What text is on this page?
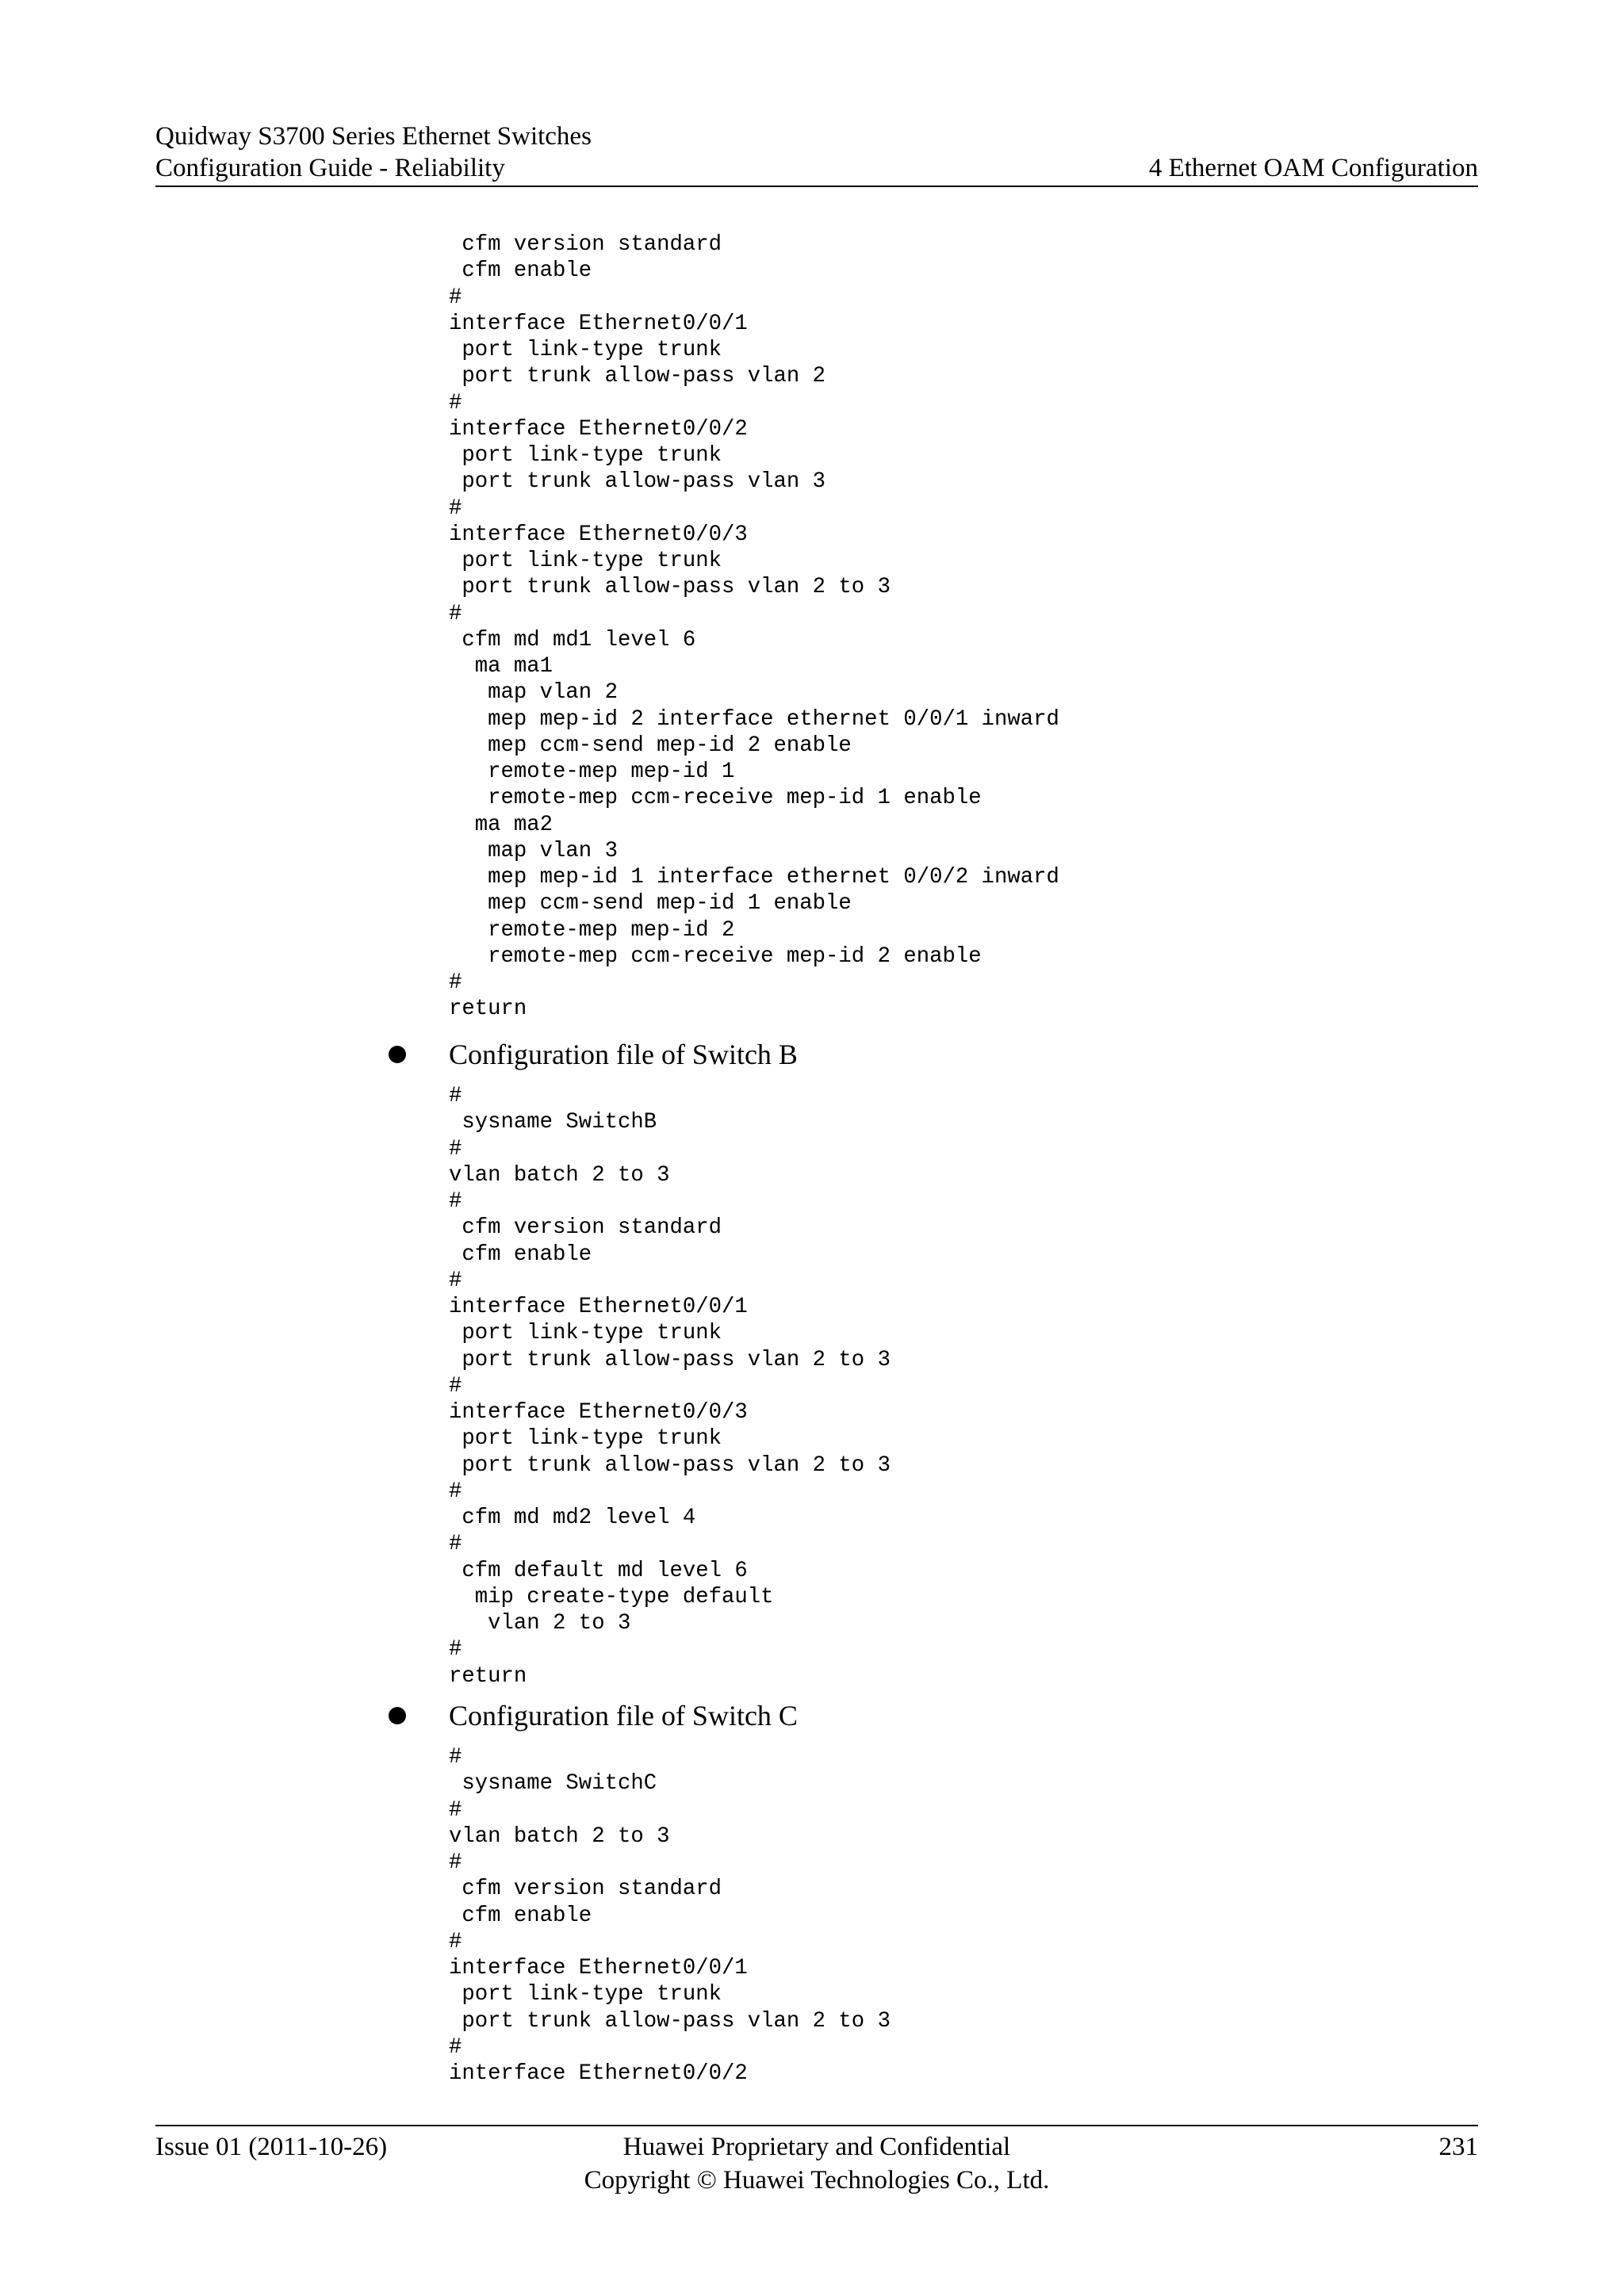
Quidway S3700 Series Ethernet Switches
Configuration Guide - Reliability	4 Ethernet OAM Configuration
cfm version standard
cfm enable
#
interface Ethernet0/0/1
port link-type trunk
port trunk allow-pass vlan 2
#
interface Ethernet0/0/2
port link-type trunk
port trunk allow-pass vlan 3
#
interface Ethernet0/0/3
port link-type trunk
port trunk allow-pass vlan 2 to 3
#
cfm md md1 level 6
ma ma1
map vlan 2
mep mep-id 2 interface ethernet 0/0/1 inward
mep ccm-send mep-id 2 enable
remote-mep mep-id 1
remote-mep ccm-receive mep-id 1 enable
ma ma2
map vlan 3
mep mep-id 1 interface ethernet 0/0/2 inward
mep ccm-send mep-id 1 enable
remote-mep mep-id 2
remote-mep ccm-receive mep-id 2 enable
#
return
Configuration file of Switch B
#
sysname SwitchB
#
vlan batch 2 to 3
#
cfm version standard
cfm enable
#
interface Ethernet0/0/1
port link-type trunk
port trunk allow-pass vlan 2 to 3
#
interface Ethernet0/0/3
port link-type trunk
port trunk allow-pass vlan 2 to 3
#
cfm md md2 level 4
#
cfm default md level 6
mip create-type default
vlan 2 to 3
#
return
Configuration file of Switch C
#
sysname SwitchC
#
vlan batch 2 to 3
#
cfm version standard
cfm enable
#
interface Ethernet0/0/1
port link-type trunk
port trunk allow-pass vlan 2 to 3
#
interface Ethernet0/0/2
Issue 01 (2011-10-26)	Huawei Proprietary and Confidential
Copyright © Huawei Technologies Co., Ltd.
231
